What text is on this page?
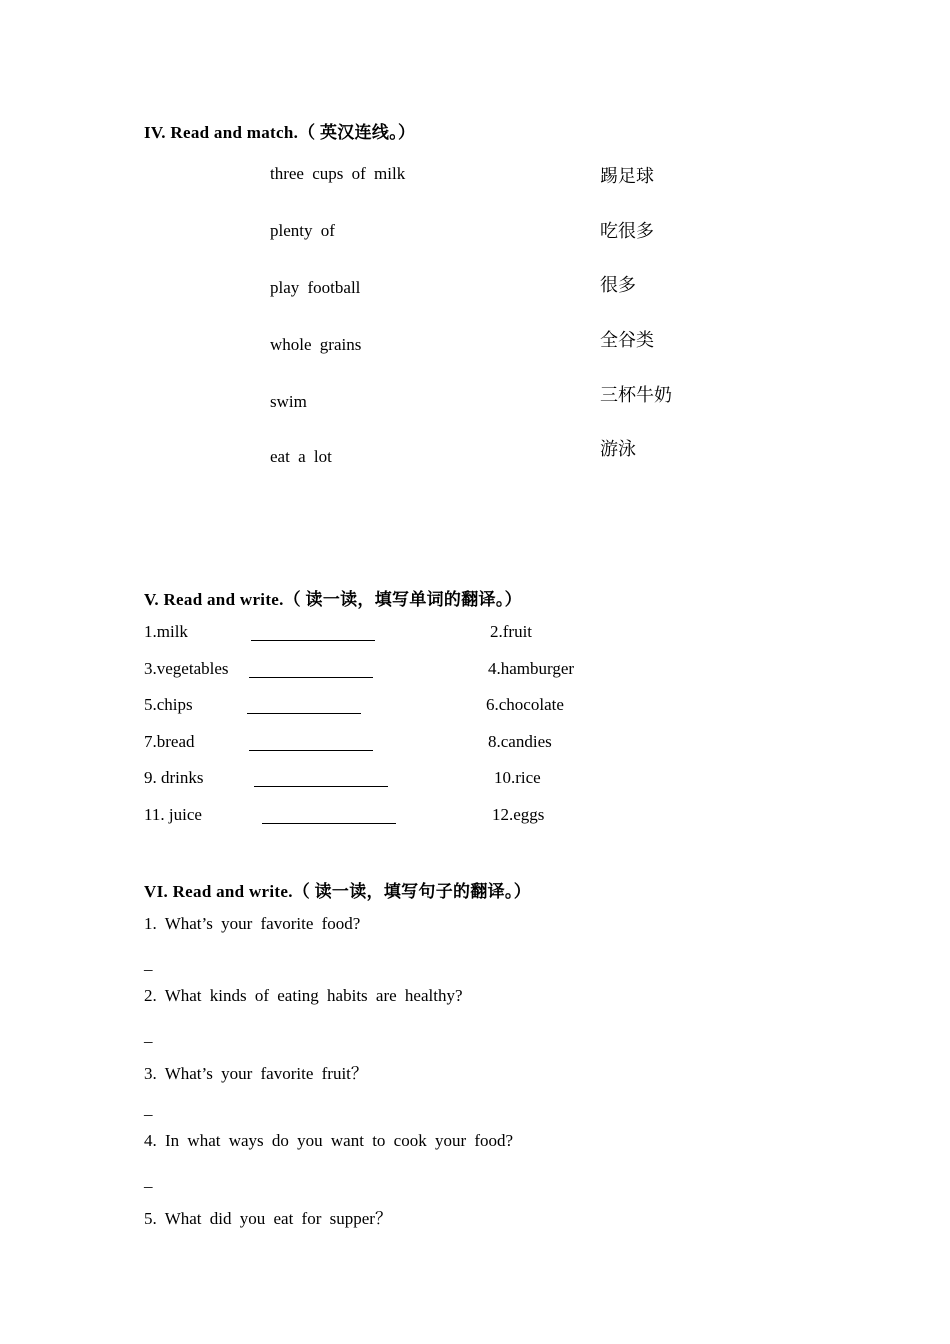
IV. Read and match.（ 英汉连线。）
three cups of milk
plenty of
play football
whole grains
swim
eat a lot
踢足球
吃很多
很多
全谷类
三杯牛奶
游泳
V. Read and write.（ 读一读，填写单词的翻译。）
1.milk	2.fruit
3.vegetables	4.hamburger
5.chips	6.chocolate
7.bread	8.candies
9. drinks	10.rice
11. juice	12.eggs
VI. Read and write.（ 读一读，填写句子的翻译。）
1. What’s your favorite food?
_
2. What kinds of eating habits are healthy?
_
3. What’s your favorite fruit？
_
4. In what ways do you want to cook your food?
_
5. What did you eat for supper？
